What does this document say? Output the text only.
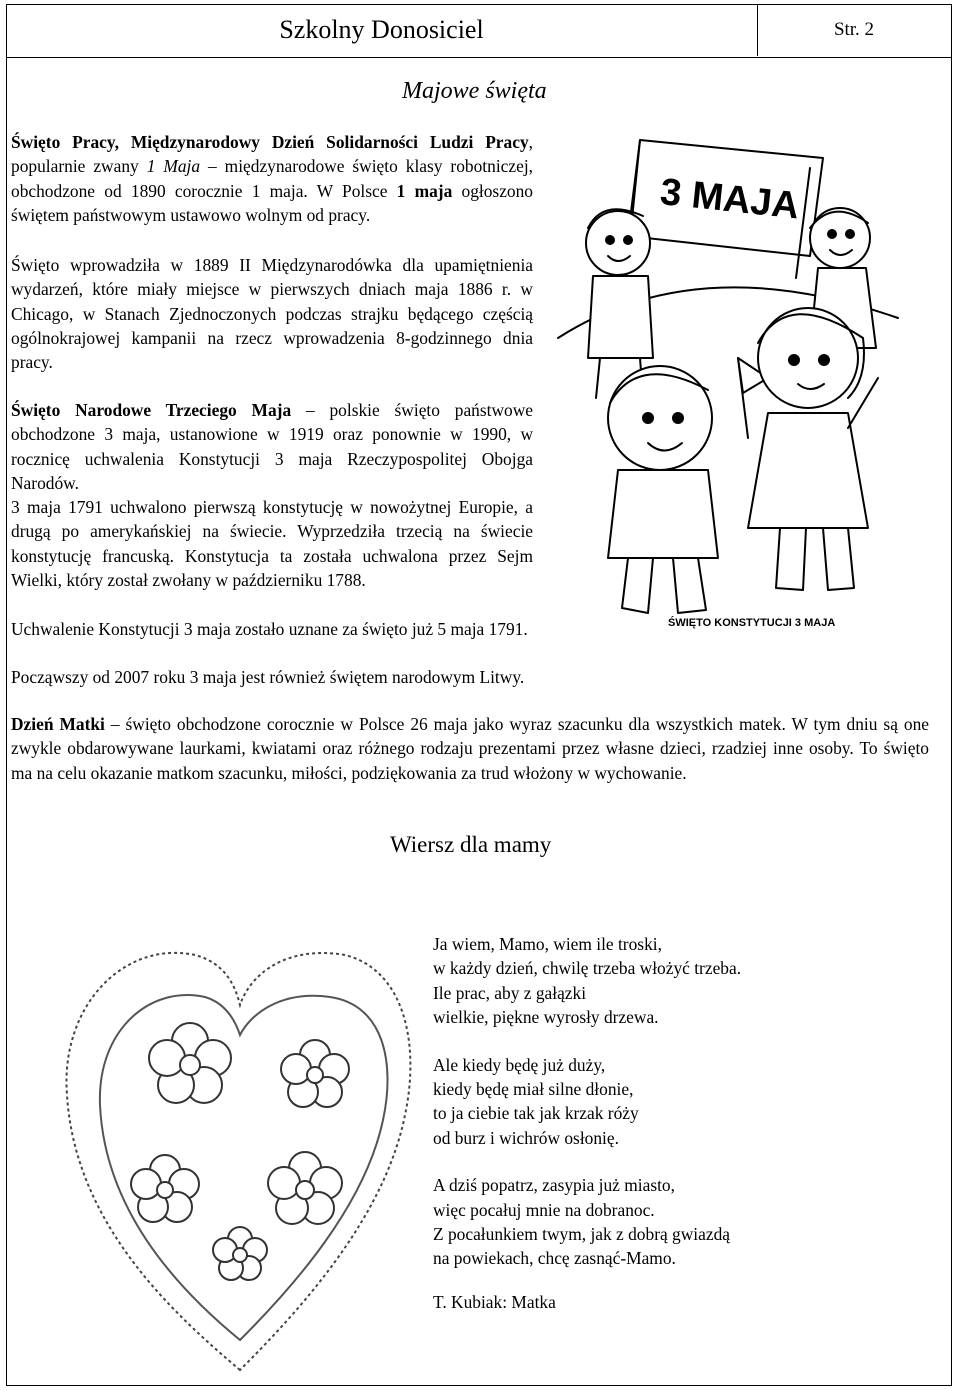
Szkolny Donosiciel	Str. 2
Majowe święta

Święto Pracy, Międzynarodowy Dzień Solidarności Ludzi Pracy, popularnie zwany 1 Maja – międzynarodowe święto klasy robotniczej, obchodzone od 1890 corocznie 1 maja. W Polsce 1 maja ogłoszono świętem państwowym ustawowo wolnym od pracy.

Święto wprowadziła w 1889 II Międzynarodówka dla upamiętnienia wydarzeń, które miały miejsce w pierwszych dniach maja 1886 r. w Chicago, w Stanach Zjednoczonych podczas strajku będącego częścią ogólnokrajowej kampanii na rzecz wprowadzenia 8-godzinnego dnia pracy.

Święto Narodowe Trzeciego Maja – polskie święto państwowe obchodzone 3 maja, ustanowione w 1919 oraz ponownie w 1990, w rocznicę uchwalenia Konstytucji 3 maja Rzeczypospolitej Obojga Narodów.

3 maja 1791 uchwalono pierwszą konstytucję w nowożytnej Europie, a drugą po amerykańskiej na świecie. Wyprzedziła trzecią na świecie konstytucję francuską. Konstytucja ta została uchwalona przez Sejm Wielki, który został zwołany w październiku 1788.

Uchwalenie Konstytucji 3 maja zostało uznane za święto już 5 maja 1791.

Począwszy od 2007 roku 3 maja jest również świętem narodowym Litwy.

ŚWIĘTO KONSTYTUCJI 3 MAJA
3 MAJA

Dzień Matki – święto obchodzone corocznie w Polsce 26 maja jako wyraz szacunku dla wszystkich matek. W tym dniu są one zwykle obdarowywane laurkami, kwiatami oraz różnego rodzaju prezentami przez własne dzieci, rzadziej inne osoby. To święto ma na celu okazanie matkom szacunku, miłości, podziękowania za trud włożony w wychowanie.

Wiersz dla mamy
Ja wiem, Mamo, wiem ile troski,
w każdy dzień, chwilę trzeba włożyć trzeba.
Ile prac, aby z gałązki
wielkie, piękne wyrosły drzewa.
Ale kiedy będę już duży,
kiedy będę miał silne dłonie,
to ja ciebie tak jak krzak róży
od burz i wichrów osłonię.
A dziś popatrz, zasypia już miasto,
więc pocałuj mnie na dobranoc.
Z pocałunkiem twym, jak z dobrą gwiazdą
na powiekach, chcę zasnąć-Mamo.
T. Kubiak: Matka
